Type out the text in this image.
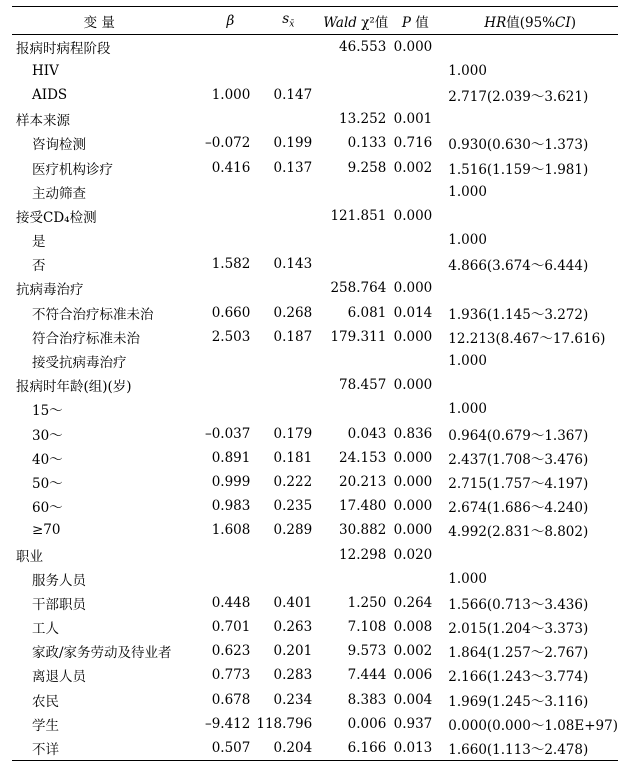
变 量	β	$s_{x̄}$	Wald χ²值	P 值	HR值(95%CI)
报病时病程阶段			46.553	0.000	
HIV					1.000
AIDS	1.000	0.147			2.717(2.039～3.621)
样本来源			13.252	0.001	
咨询检测	–0.072	0.199	0.133	0.716	0.930(0.630～1.373)
医疗机构诊疗	0.416	0.137	9.258	0.002	1.516(1.159～1.981)
主动筛查					1.000
接受CD₄检测			121.851	0.000	
是					1.000
否	1.582	0.143			4.866(3.674～6.444)
抗病毒治疗			258.764	0.000	
不符合治疗标准未治	0.660	0.268	6.081	0.014	1.936(1.145～3.272)
符合治疗标准未治	2.503	0.187	179.311	0.000	12.213(8.467～17.616)
接受抗病毒治疗					1.000
报病时年龄(组)(岁)			78.457	0.000	
15～					1.000
30～	–0.037	0.179	0.043	0.836	0.964(0.679～1.367)
40～	0.891	0.181	24.153	0.000	2.437(1.708～3.476)
50～	0.999	0.222	20.213	0.000	2.715(1.757～4.197)
60～	0.983	0.235	17.480	0.000	2.674(1.686～4.240)
≥70	1.608	0.289	30.882	0.000	4.992(2.831～8.802)
职业			12.298	0.020	
服务人员					1.000
干部职员	0.448	0.401	1.250	0.264	1.566(0.713～3.436)
工人	0.701	0.263	7.108	0.008	2.015(1.204～3.373)
家政/家务劳动及待业者	0.623	0.201	9.573	0.002	1.864(1.257～2.767)
离退人员	0.773	0.283	7.444	0.006	2.166(1.243～3.774)
农民	0.678	0.234	8.383	0.004	1.969(1.245～3.116)
学生	–9.412	118.796	0.006	0.937	0.000(0.000～1.08E+97)
不详	0.507	0.204	6.166	0.013	1.660(1.113～2.478)
